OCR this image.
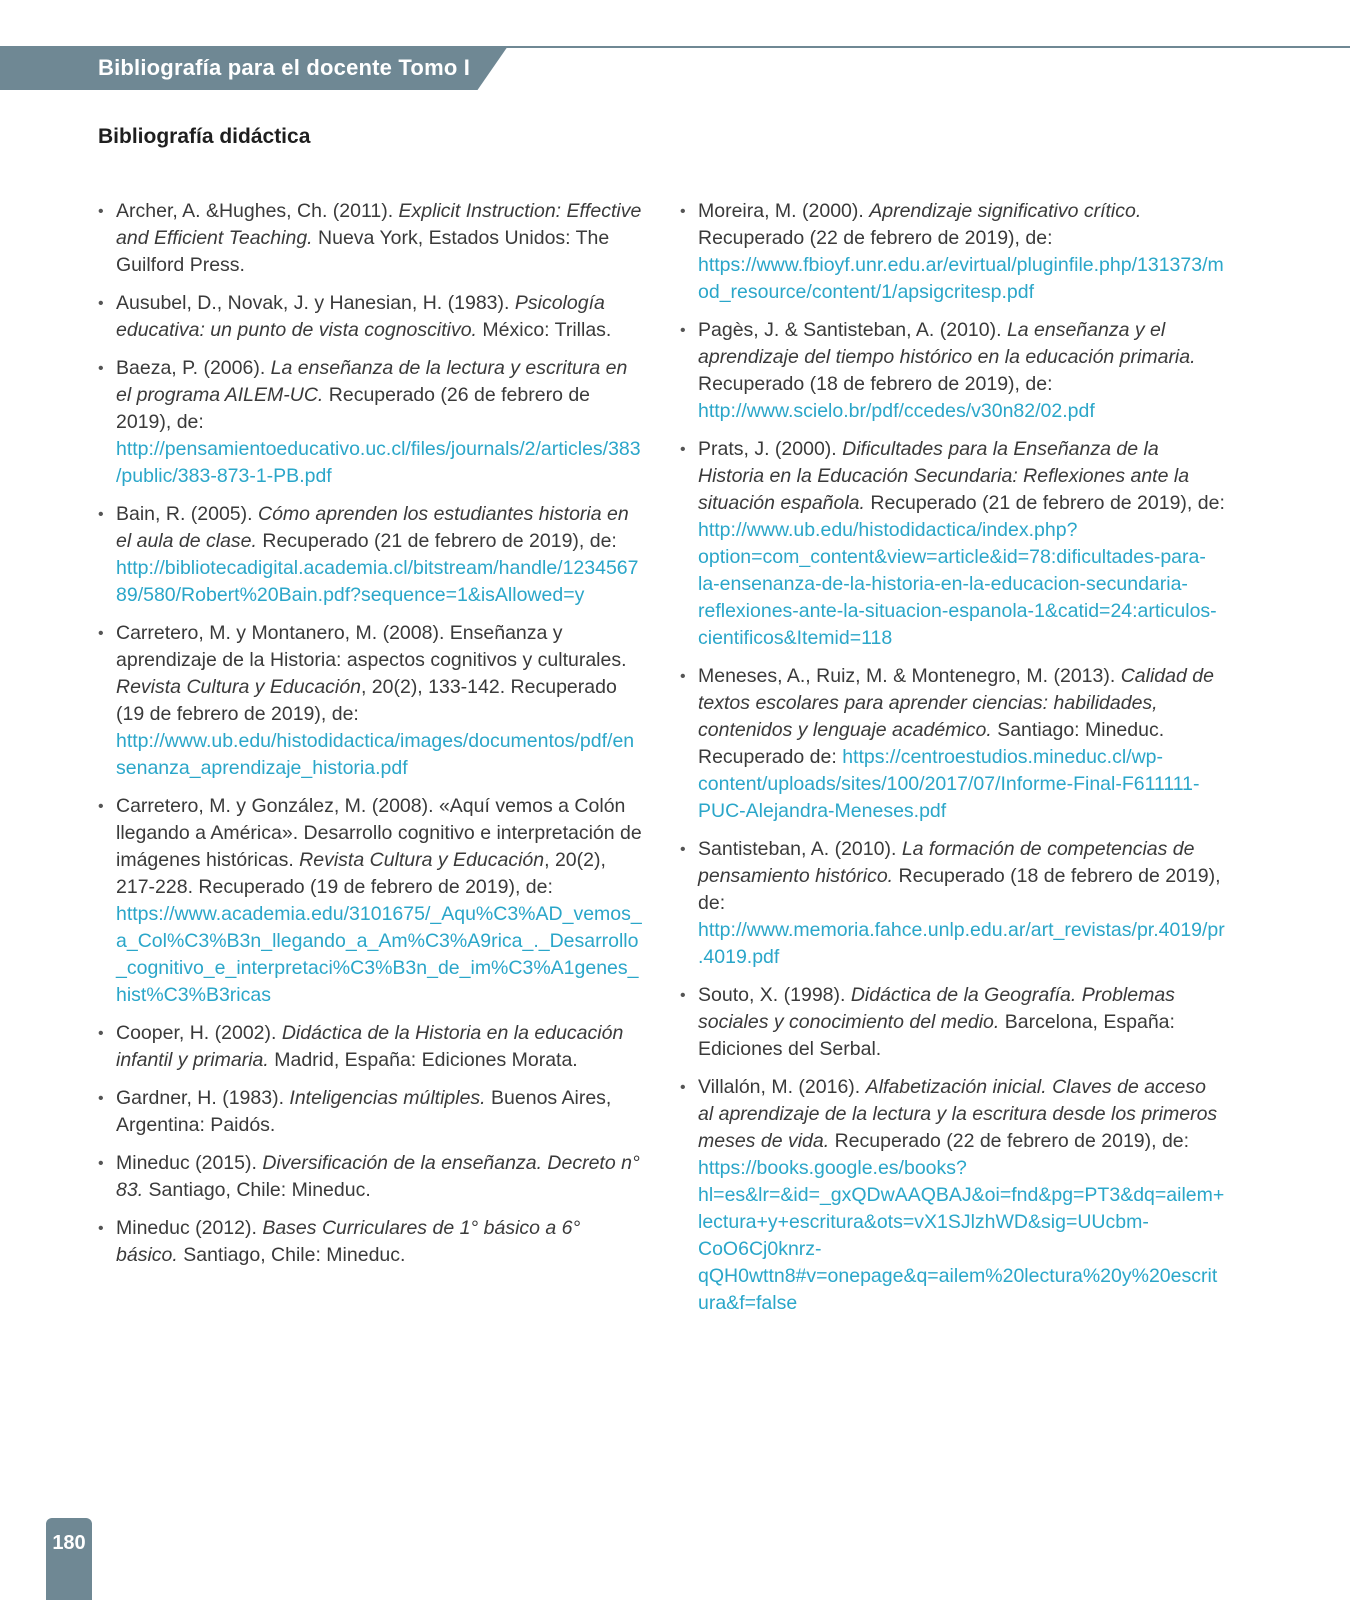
Bibliografía para el docente Tomo I
Bibliografía didáctica
• Archer, A. &Hughes, Ch. (2011). Explicit Instruction: Effective and Efficient Teaching. Nueva York, Estados Unidos: The Guilford Press.
• Ausubel, D., Novak, J. y Hanesian, H. (1983). Psicología educativa: un punto de vista cognoscitivo. México: Trillas.
• Baeza, P. (2006). La enseñanza de la lectura y escritura en el programa AILEM-UC. Recuperado (26 de febrero de 2019), de: http://pensamientoeducativo.uc.cl/files/journals/2/articles/383/public/383-873-1-PB.pdf
• Bain, R. (2005). Cómo aprenden los estudiantes historia en el aula de clase. Recuperado (21 de febrero de 2019), de: http://bibliotecadigital.academia.cl/bitstream/handle/123456789/580/Robert%20Bain.pdf?sequence=1&isAllowed=y
• Carretero, M. y Montanero, M. (2008). Enseñanza y aprendizaje de la Historia: aspectos cognitivos y culturales. Revista Cultura y Educación, 20(2), 133-142. Recuperado (19 de febrero de 2019), de: http://www.ub.edu/histodidactica/images/documentos/pdf/ensenanza_aprendizaje_historia.pdf
• Carretero, M. y González, M. (2008). «Aquí vemos a Colón llegando a América». Desarrollo cognitivo e interpretación de imágenes históricas. Revista Cultura y Educación, 20(2), 217-228. Recuperado (19 de febrero de 2019), de: https://www.academia.edu/3101675/_Aqu%C3%AD_vemos_a_Col%C3%B3n_llegando_a_Am%C3%A9rica_._Desarrollo_cognitivo_e_interpretaci%C3%B3n_de_im%C3%A1genes_hist%C3%B3ricas
• Cooper, H. (2002). Didáctica de la Historia en la educación infantil y primaria. Madrid, España: Ediciones Morata.
• Gardner, H. (1983). Inteligencias múltiples. Buenos Aires, Argentina: Paidós.
• Mineduc (2015). Diversificación de la enseñanza. Decreto n° 83. Santiago, Chile: Mineduc.
• Mineduc (2012). Bases Curriculares de 1° básico a 6° básico. Santiago, Chile: Mineduc.
• Moreira, M. (2000). Aprendizaje significativo crítico. Recuperado (22 de febrero de 2019), de: https://www.fbioyf.unr.edu.ar/evirtual/pluginfile.php/131373/mod_resource/content/1/apsigcritesp.pdf
• Pagès, J. & Santisteban, A. (2010). La enseñanza y el aprendizaje del tiempo histórico en la educación primaria. Recuperado (18 de febrero de 2019), de: http://www.scielo.br/pdf/ccedes/v30n82/02.pdf
• Prats, J. (2000). Dificultades para la Enseñanza de la Historia en la Educación Secundaria: Reflexiones ante la situación española. Recuperado (21 de febrero de 2019), de: http://www.ub.edu/histodidactica/index.php?option=com_content&view=article&id=78:dificultades-para-la-ensenanza-de-la-historia-en-la-educacion-secundaria-reflexiones-ante-la-situacion-espanola-1&catid=24:articulos-cientificos&Itemid=118
• Meneses, A., Ruiz, M. & Montenegro, M. (2013). Calidad de textos escolares para aprender ciencias: habilidades, contenidos y lenguaje académico. Santiago: Mineduc. Recuperado de: https://centroestudios.mineduc.cl/wp-content/uploads/sites/100/2017/07/Informe-Final-F611111-PUC-Alejandra-Meneses.pdf
• Santisteban, A. (2010). La formación de competencias de pensamiento histórico. Recuperado (18 de febrero de 2019), de: http://www.memoria.fahce.unlp.edu.ar/art_revistas/pr.4019/pr.4019.pdf
• Souto, X. (1998). Didáctica de la Geografía. Problemas sociales y conocimiento del medio. Barcelona, España: Ediciones del Serbal.
• Villalón, M. (2016). Alfabetización inicial. Claves de acceso al aprendizaje de la lectura y la escritura desde los primeros meses de vida. Recuperado (22 de febrero de 2019), de: https://books.google.es/books?hl=es&lr=&id=_gxQDwAAQBAJ&oi=fnd&pg=PT3&dq=ailem+lectura+y+escritura&ots=vX1SJlzhWD&sig=UUcbm-CoO6Cj0knrz-qQH0wttn8#v=onepage&q=ailem%20lectura%20y%20escritura&f=false
180
